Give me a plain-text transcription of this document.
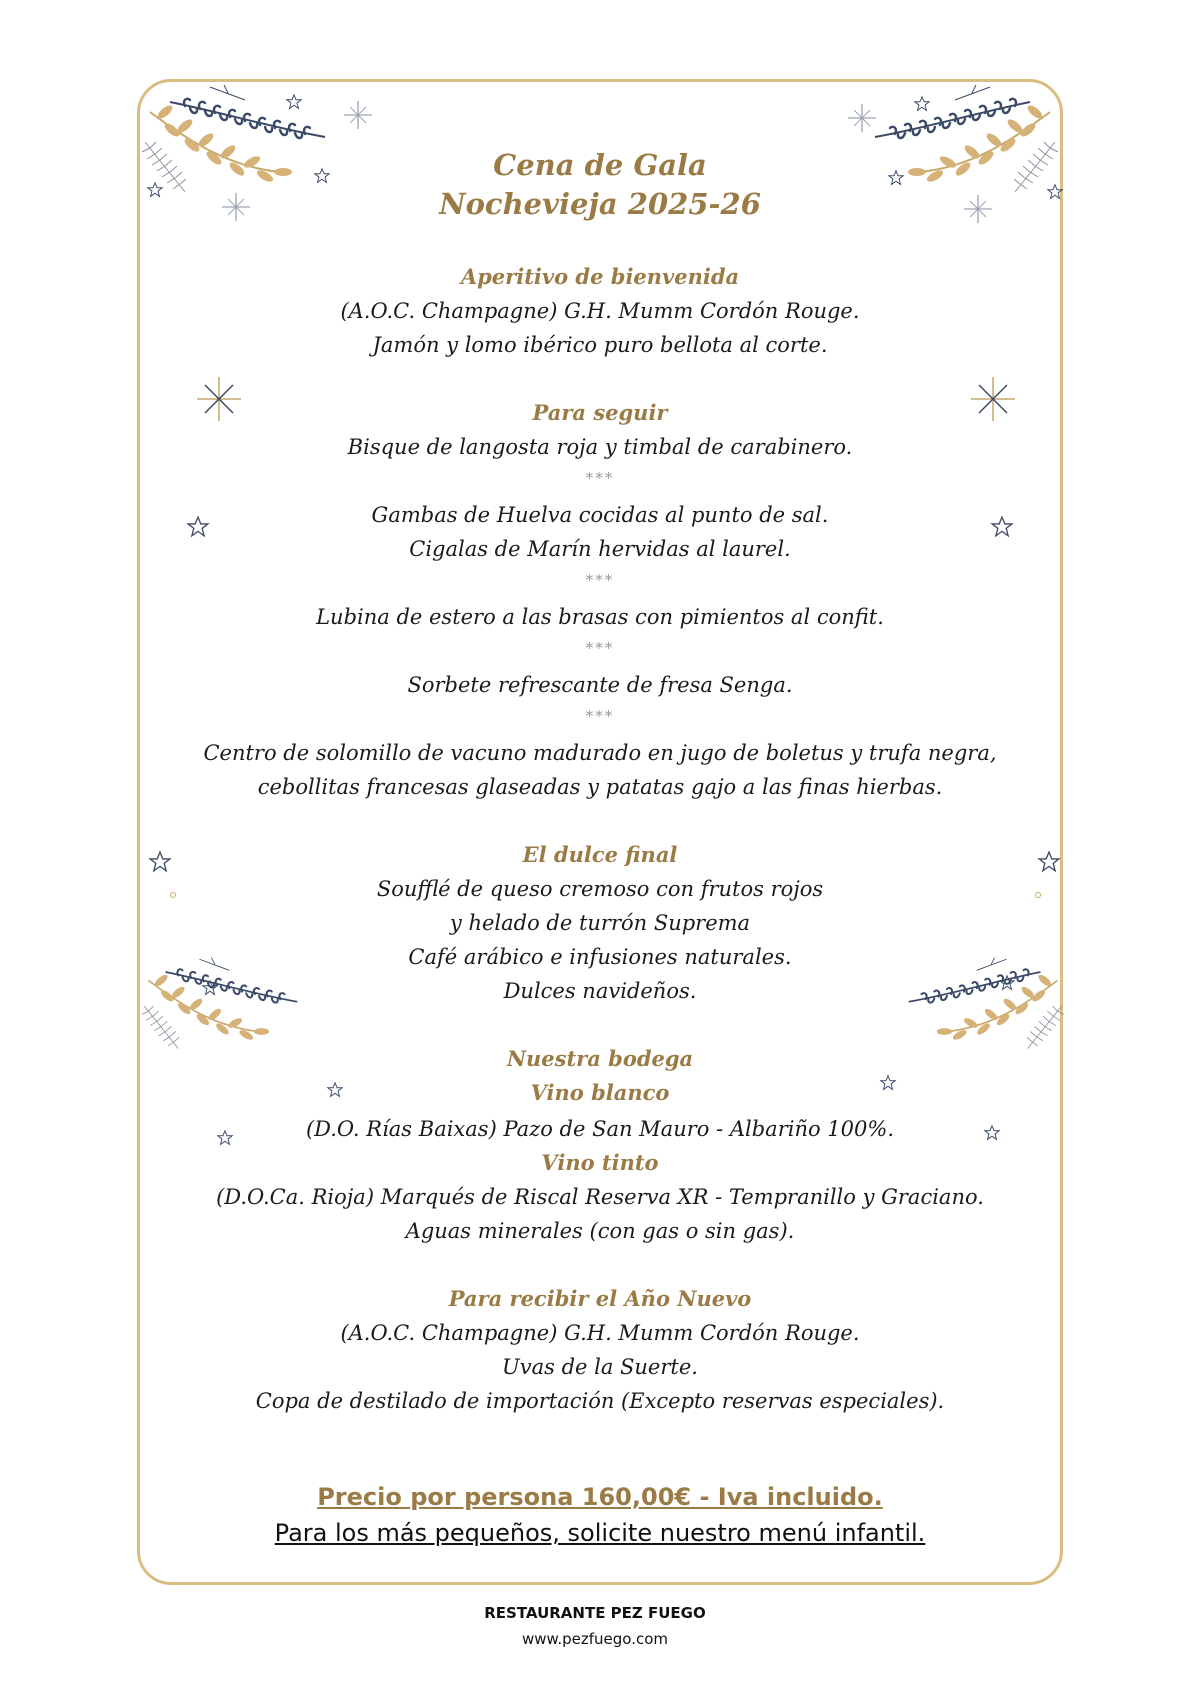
Cena de Gala
Nochevieja 2025-26
Aperitivo de bienvenida
(A.O.C. Champagne) G.H. Mumm Cordón Rouge.
Jamón y lomo ibérico puro bellota al corte.
Para seguir
Bisque de langosta roja y timbal de carabinero.
***
Gambas de Huelva cocidas al punto de sal.
Cigalas de Marín hervidas al laurel.
***
Lubina de estero a las brasas con pimientos al confit.
***
Sorbete refrescante de fresa Senga.
***
Centro de solomillo de vacuno madurado en jugo de boletus y trufa negra,
cebollitas francesas glaseadas y patatas gajo a las finas hierbas.
El dulce final
Soufflé de queso cremoso con frutos rojos
y helado de turrón Suprema
Café arábico e infusiones naturales.
Dulces navideños.
Nuestra bodega
Vino blanco
(D.O. Rías Baixas) Pazo de San Mauro - Albariño 100%.
Vino tinto
(D.O.Ca. Rioja) Marqués de Riscal Reserva XR - Tempranillo y Graciano.
Aguas minerales (con gas o sin gas).
Para recibir el Año Nuevo
(A.O.C. Champagne) G.H. Mumm Cordón Rouge.
Uvas de la Suerte.
Copa de destilado de importación (Excepto reservas especiales).
Precio por persona 160,00€ - Iva incluido.
Para los más pequeños, solicite nuestro menú infantil.
RESTAURANTE PEZ FUEGO
www.pezfuego.com
